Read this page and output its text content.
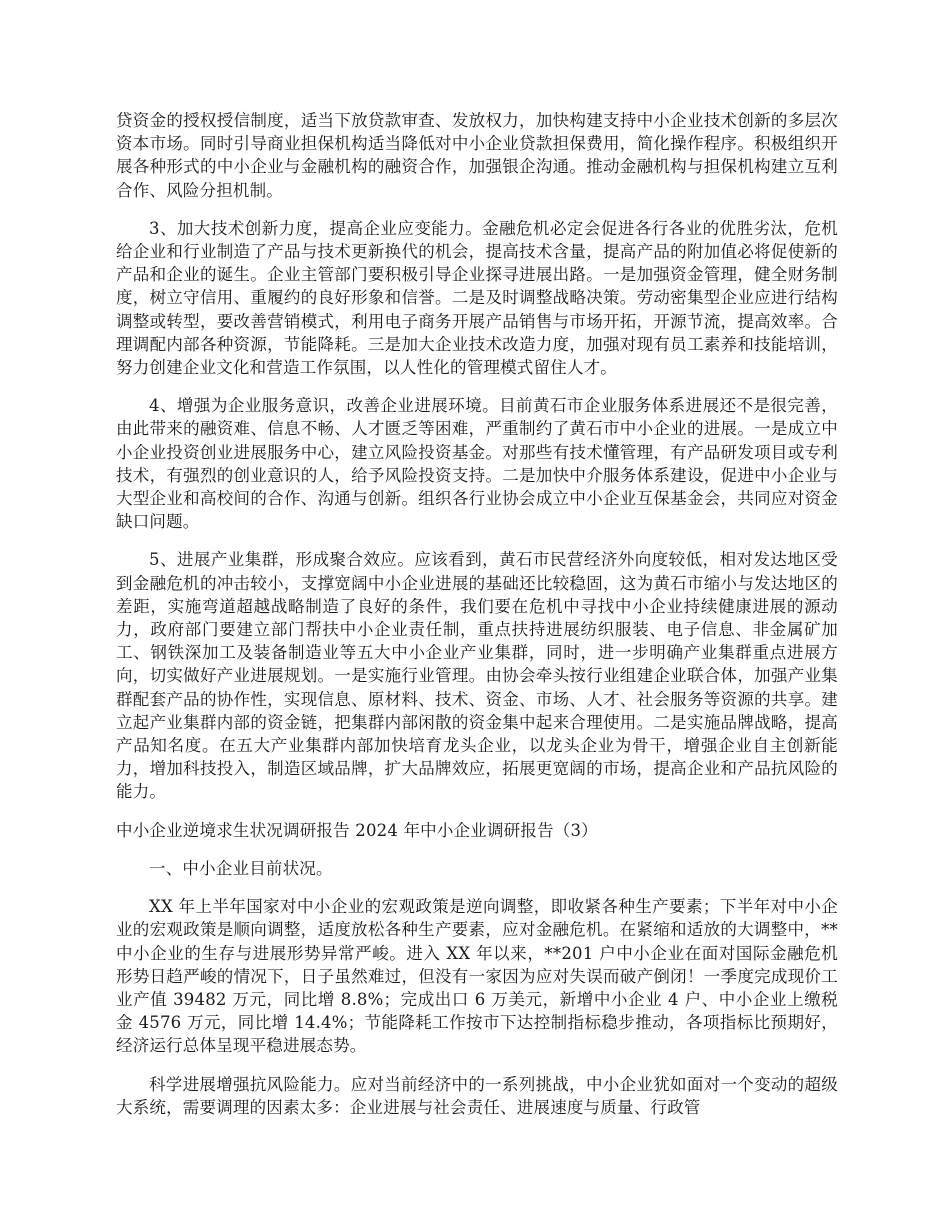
贷资金的授权授信制度，适当下放贷款审查、发放权力，加快构建支持中小企业技术创新的多层次资本市场。同时引导商业担保机构适当降低对中小企业贷款担保费用，简化操作程序。积极组织开展各种形式的中小企业与金融机构的融资合作，加强银企沟通。推动金融机构与担保机构建立互利合作、风险分担机制。

3、加大技术创新力度，提高企业应变能力。金融危机必定会促进各行各业的优胜劣汰，危机给企业和行业制造了产品与技术更新换代的机会，提高技术含量，提高产品的附加值必将促使新的产品和企业的诞生。企业主管部门要积极引导企业探寻进展出路。一是加强资金管理，健全财务制度，树立守信用、重履约的良好形象和信誉。二是及时调整战略决策。劳动密集型企业应进行结构调整或转型，要改善营销模式，利用电子商务开展产品销售与市场开拓，开源节流，提高效率。合理调配内部各种资源，节能降耗。三是加大企业技术改造力度，加强对现有员工素养和技能培训，努力创建企业文化和营造工作氛围，以人性化的管理模式留住人才。

4、增强为企业服务意识，改善企业进展环境。目前黄石市企业服务体系进展还不是很完善，由此带来的融资难、信息不畅、人才匮乏等困难，严重制约了黄石市中小企业的进展。一是成立中小企业投资创业进展服务中心，建立风险投资基金。对那些有技术懂管理，有产品研发项目或专利技术，有强烈的创业意识的人，给予风险投资支持。二是加快中介服务体系建设，促进中小企业与大型企业和高校间的合作、沟通与创新。组织各行业协会成立中小企业互保基金会，共同应对资金缺口问题。

5、进展产业集群，形成聚合效应。应该看到，黄石市民营经济外向度较低，相对发达地区受到金融危机的冲击较小，支撑宽阔中小企业进展的基础还比较稳固，这为黄石市缩小与发达地区的差距，实施弯道超越战略制造了良好的条件，我们要在危机中寻找中小企业持续健康进展的源动力，政府部门要建立部门帮扶中小企业责任制，重点扶持进展纺织服装、电子信息、非金属矿加工、钢铁深加工及装备制造业等五大中小企业产业集群，同时，进一步明确产业集群重点进展方向，切实做好产业进展规划。一是实施行业管理。由协会牵头按行业组建企业联合体，加强产业集群配套产品的协作性，实现信息、原材料、技术、资金、市场、人才、社会服务等资源的共享。建立起产业集群内部的资金链，把集群内部闲散的资金集中起来合理使用。二是实施品牌战略，提高产品知名度。在五大产业集群内部加快培育龙头企业，以龙头企业为骨干，增强企业自主创新能力，增加科技投入，制造区域品牌，扩大品牌效应，拓展更宽阔的市场，提高企业和产品抗风险的能力。

中小企业逆境求生状况调研报告 2024 年中小企业调研报告（3）

一、中小企业目前状况。

XX 年上半年国家对中小企业的宏观政策是逆向调整，即收紧各种生产要素；下半年对中小企业的宏观政策是顺向调整，适度放松各种生产要素，应对金融危机。在紧缩和适放的大调整中，**中小企业的生存与进展形势异常严峻。进入 XX 年以来，**201 户中小企业在面对国际金融危机形势日趋严峻的情况下，日子虽然难过，但没有一家因为应对失误而破产倒闭！一季度完成现价工业产值 39482 万元，同比增 8.8%；完成出口 6 万美元，新增中小企业 4 户、中小企业上缴税金 4576 万元，同比增 14.4%；节能降耗工作按市下达控制指标稳步推动，各项指标比预期好，经济运行总体呈现平稳进展态势。

科学进展增强抗风险能力。应对当前经济中的一系列挑战，中小企业犹如面对一个变动的超级大系统，需要调理的因素太多：企业进展与社会责任、进展速度与质量、行政管
